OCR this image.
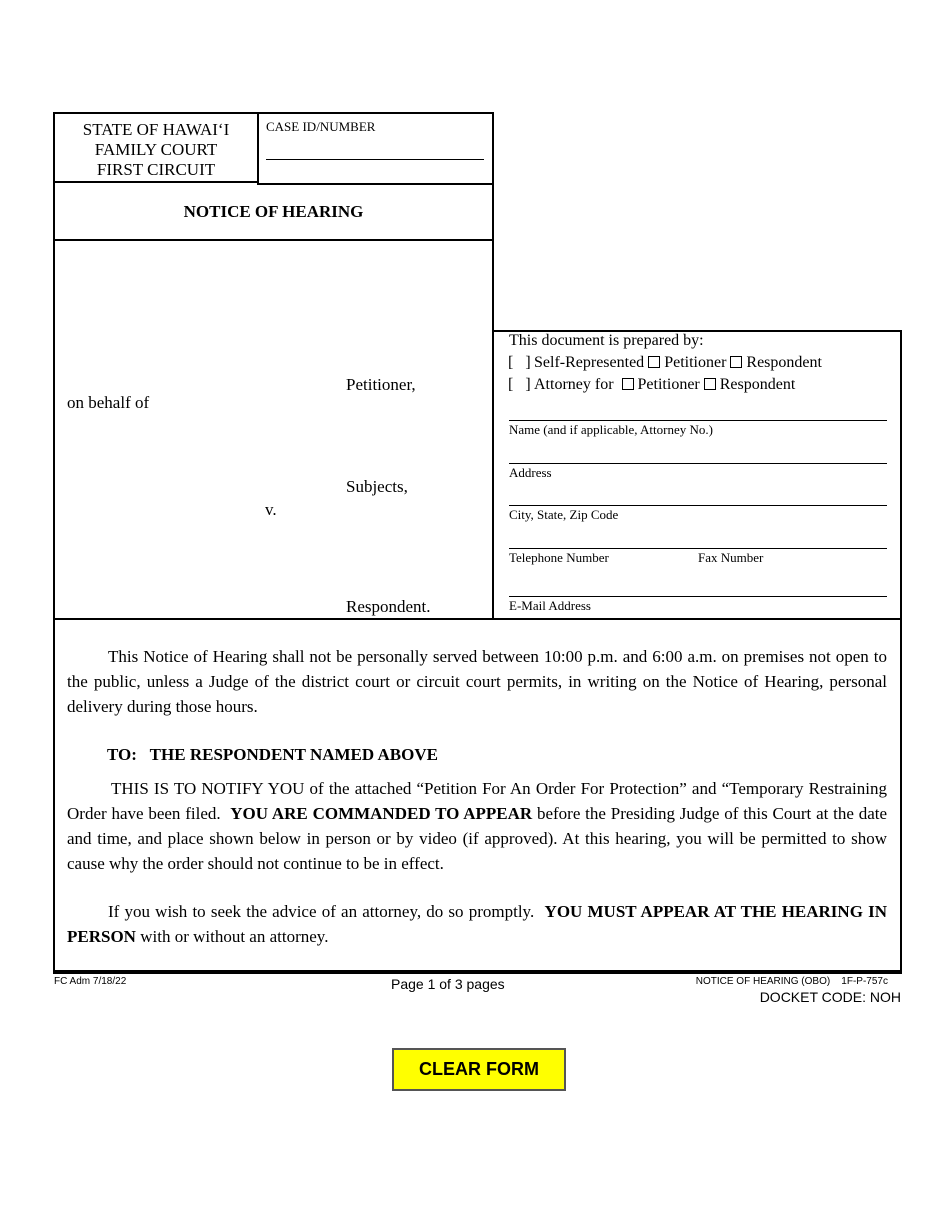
STATE OF HAWAI‘I
FAMILY COURT
FIRST CIRCUIT
CASE ID/NUMBER
NOTICE OF HEARING
Petitioner,
on behalf of
Subjects,
v.
Respondent.
This document is prepared by:
[   ] Self-Represented Petitioner Respondent
[   ] Attorney for Petitioner Respondent
Name (and if applicable, Attorney No.)
Address
City, State, Zip Code
Telephone Number	Fax Number
E-Mail Address
This Notice of Hearing shall not be personally served between 10:00 p.m. and 6:00 a.m. on premises not open to the public, unless a Judge of the district court or circuit court permits, in writing on the Notice of Hearing, personal delivery during those hours.
TO: THE RESPONDENT NAMED ABOVE
THIS IS TO NOTIFY YOU of the attached “Petition For An Order For Protection” and “Temporary Restraining Order have been filed. YOU ARE COMMANDED TO APPEAR before the Presiding Judge of this Court at the date and time, and place shown below in person or by video (if approved). At this hearing, you will be permitted to show cause why the order should not continue to be in effect.
If you wish to seek the advice of an attorney, do so promptly. YOU MUST APPEAR AT THE HEARING IN PERSON with or without an attorney.
FC Adm 7/18/22	Page 1 of 3 pages	NOTICE OF HEARING (OBO)    1F-P-757c
DOCKET CODE: NOH
CLEAR FORM
